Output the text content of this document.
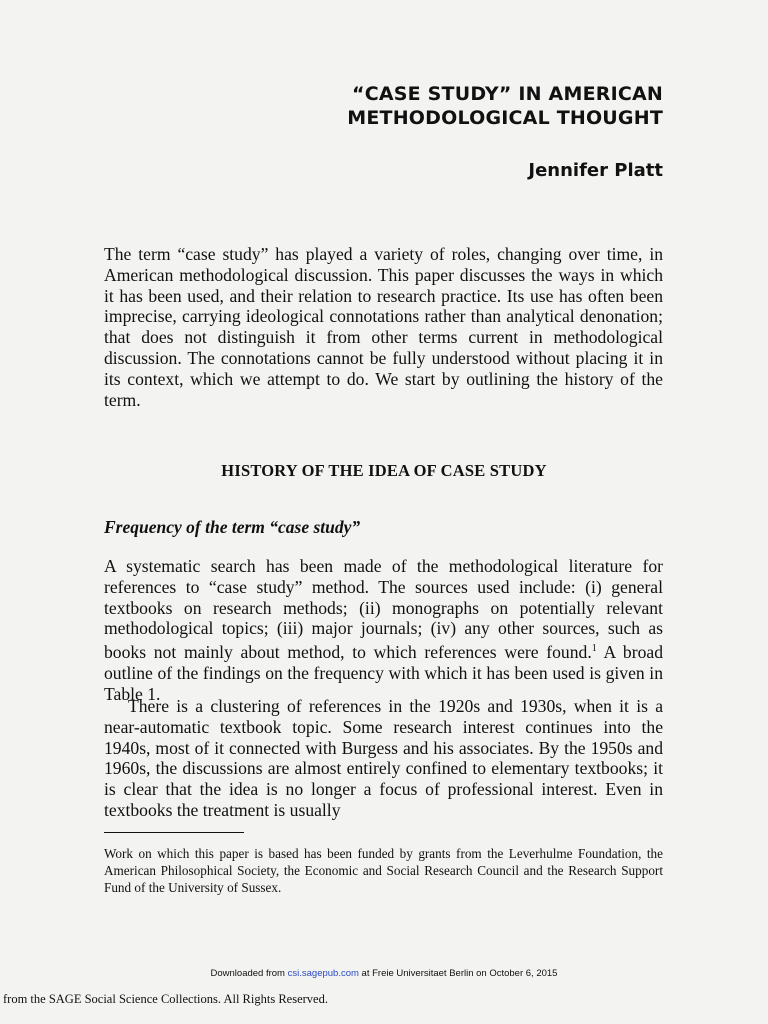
“CASE STUDY” IN AMERICAN
METHODOLOGICAL THOUGHT
Jennifer Platt

The term “case study” has played a variety of roles, changing over time, in American methodological discussion. This paper discusses the ways in which it has been used, and their relation to research practice. Its use has often been imprecise, carrying ideological connotations rather than analytical denonation; that does not distinguish it from other terms current in methodological discussion. The connotations cannot be fully understood without placing it in its context, which we attempt to do. We start by outlining the history of the term.

HISTORY OF THE IDEA OF CASE STUDY
Frequency of the term “case study”

A systematic search has been made of the methodological literature for references to “case study” method. The sources used include: (i) general textbooks on research methods; (ii) monographs on potentially relevant methodological topics; (iii) major journals; (iv) any other sources, such as books not mainly about method, to which references were found.$^1$ A broad outline of the findings on the frequency with which it has been used is given in Table 1.

There is a clustering of references in the 1920s and 1930s, when it is a near-automatic textbook topic. Some research interest continues into the 1940s, most of it connected with Burgess and his associates. By the 1950s and 1960s, the discussions are almost entirely confined to elementary textbooks; it is clear that the idea is no longer a focus of professional interest. Even in textbooks the treatment is usually

Work on which this paper is based has been funded by grants from the Leverhulme Foundation, the American Philosophical Society, the Economic and Social Research Council and the Research Support Fund of the University of Sussex.

Downloaded from csi.sagepub.com at Freie Universitaet Berlin on October 6, 2015
from the SAGE Social Science Collections. All Rights Reserved.
